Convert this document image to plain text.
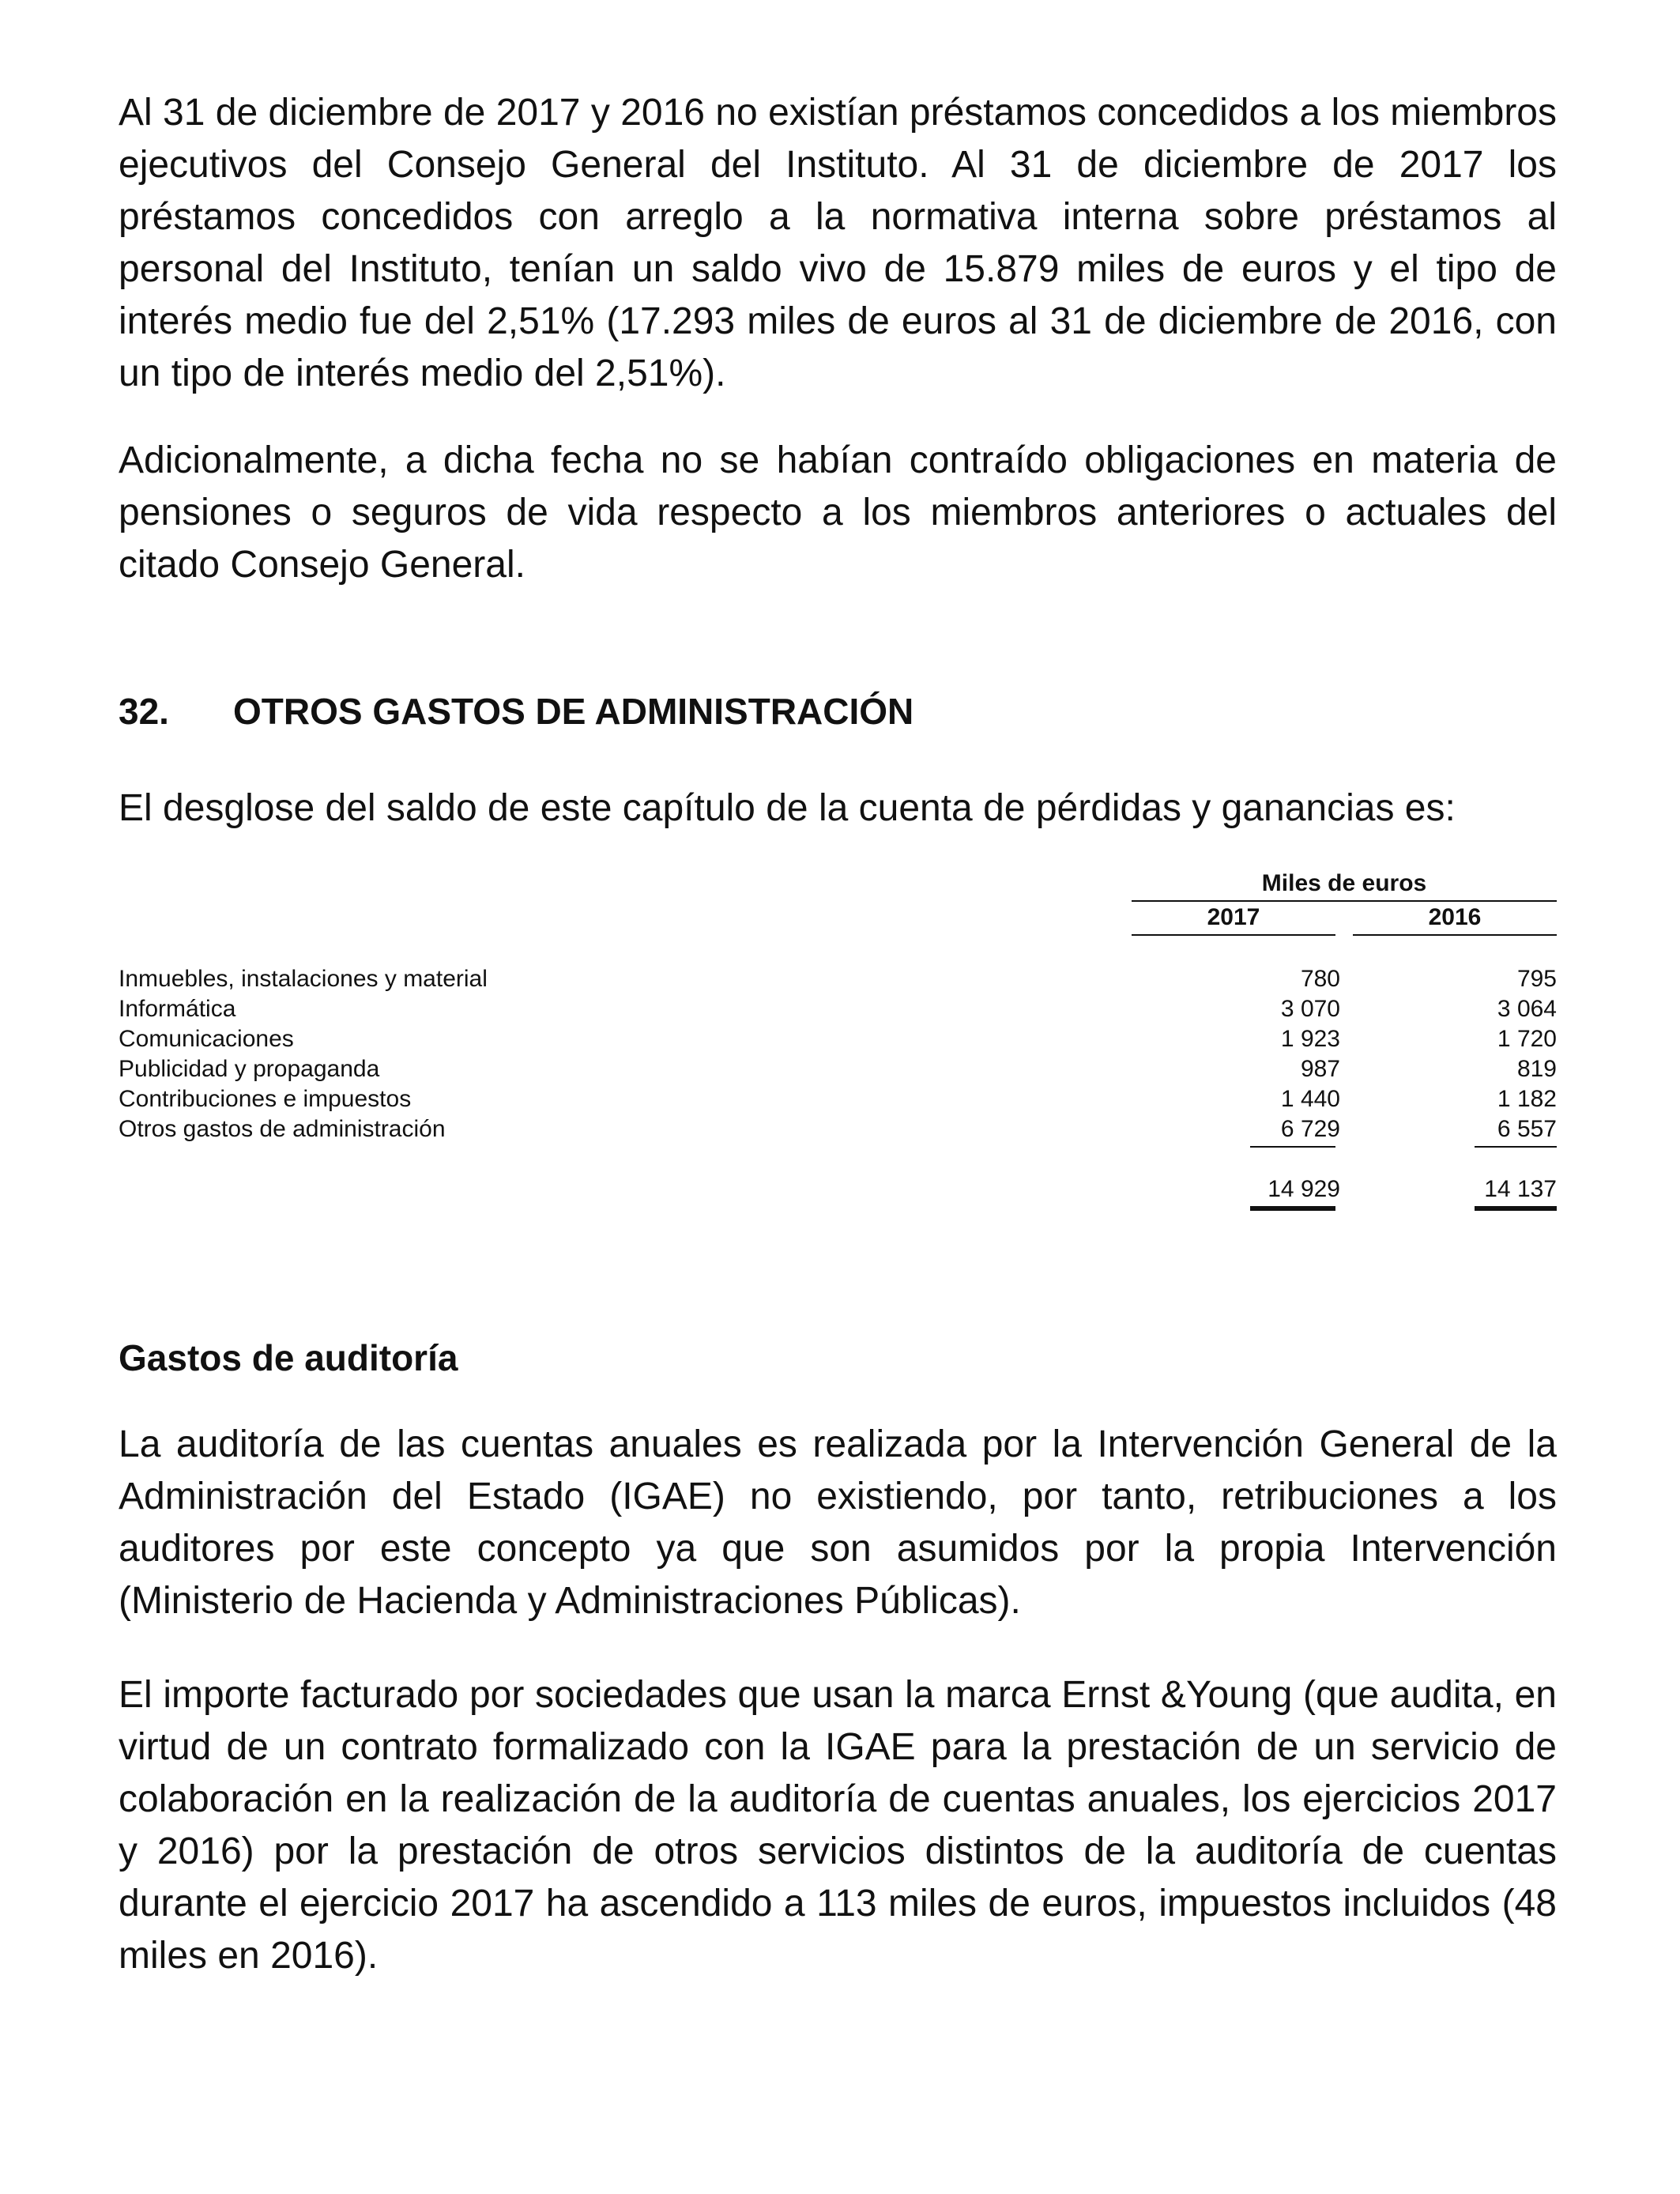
Al 31 de diciembre de 2017 y 2016 no existían préstamos concedidos a los miembros ejecutivos del Consejo General del Instituto. Al 31 de diciembre de 2017 los préstamos concedidos con arreglo a la normativa interna sobre préstamos al personal del Instituto, tenían un saldo vivo de 15.879 miles de euros y el tipo de interés medio fue del 2,51% (17.293 miles de euros al 31 de diciembre de 2016, con un tipo de interés medio del 2,51%).

Adicionalmente, a dicha fecha no se habían contraído obligaciones en materia de pensiones o seguros de vida respecto a los miembros anteriores o actuales del citado Consejo General.

32. OTROS GASTOS DE ADMINISTRACIÓN

El desglose del saldo de este capítulo de la cuenta de pérdidas y ganancias es:

Miles de euros
2017	2016
Inmuebles, instalaciones y material	780	795
Informática	3 070	3 064
Comunicaciones	1 923	1 720
Publicidad y propaganda	987	819
Contribuciones e impuestos	1 440	1 182
Otros gastos de administración	6 729	6 557
14 929	14 137
Gastos de auditoría

La auditoría de las cuentas anuales es realizada por la Intervención General de la Administración del Estado (IGAE) no existiendo, por tanto, retribuciones a los auditores por este concepto ya que son asumidos por la propia Intervención (Ministerio de Hacienda y Administraciones Públicas).

El importe facturado por sociedades que usan la marca Ernst &Young (que audita, en virtud de un contrato formalizado con la IGAE para la prestación de un servicio de colaboración en la realización de la auditoría de cuentas anuales, los ejercicios 2017 y 2016) por la prestación de otros servicios distintos de la auditoría de cuentas durante el ejercicio 2017 ha ascendido a 113 miles de euros, impuestos incluidos (48 miles en 2016).
